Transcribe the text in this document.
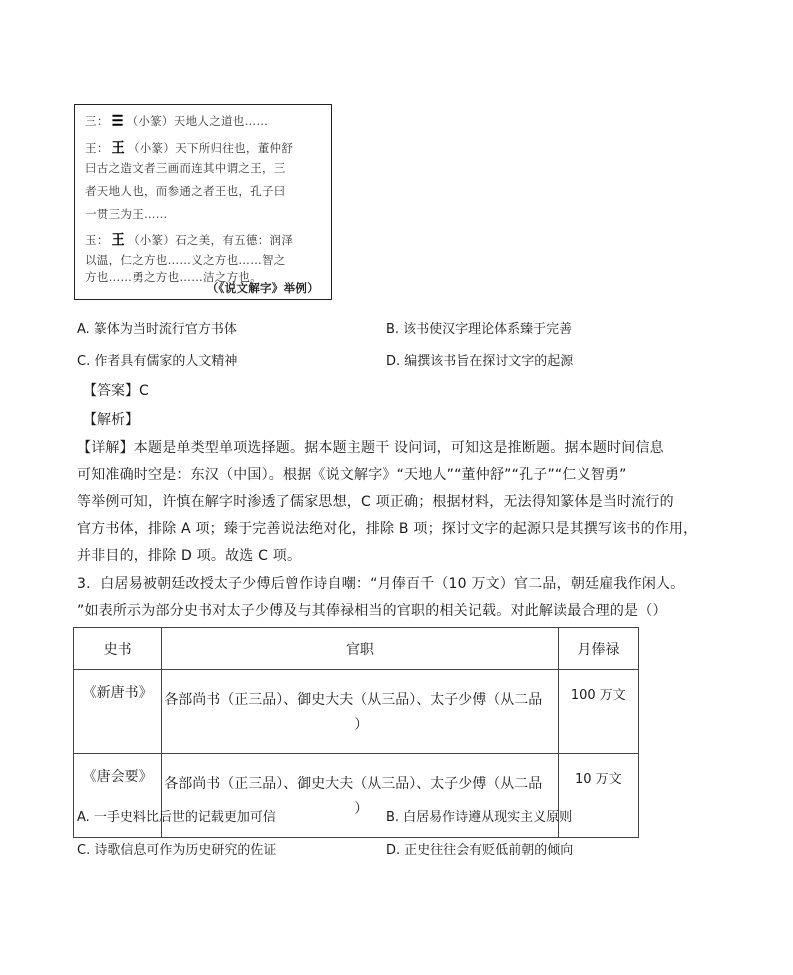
三： ☰ （小篆）天地人之道也……
王： 王 （小篆）天下所归往也，董仲舒
曰古之造文者三画而连其中谓之王，三
者天地人也，而参通之者王也，孔子曰
一贯三为王……
玉： 王 （小篆）石之美，有五德：润泽
以温，仁之方也……义之方也……智之
方也……勇之方也……洁之方也。
（《说文解字》举例）
A. 篆体为当时流行官方书体	B. 该书使汉字理论体系臻于完善
C. 作者具有儒家的人文精神	D. 编撰该书旨在探讨文字的起源
【答案】C
【解析】
【详解】本题是单类型单项选择题。据本题主题干 设问词，可知这是推断题。据本题时间信息
可知准确时空是：东汉（中国）。根据《说文解字》“天地人”“董仲舒”“孔子”“仁义智勇”
等举例可知，许慎在解字时渗透了儒家思想，C 项正确；根据材料，无法得知篆体是当时流行的
官方书体，排除 A 项；臻于完善说法绝对化，排除 B 项；探讨文字的起源只是其撰写该书的作用，
并非目的，排除 D 项。故选 C 项。
3．白居易被朝廷改授太子少傅后曾作诗自嘲：“月俸百千（10 万文）官二品，朝廷雇我作闲人。
”如表所示为部分史书对太子少傅及与其俸禄相当的官职的相关记载。对此解读最合理的是（）
史书	官职	月俸禄
《新唐书》	各部尚书（正三品）、御史大夫（从三品）、太子少傅（从二品
）	100 万文
《唐会要》	各部尚书（正三品）、御史大夫（从三品）、太子少傅（从二品
）	10 万文
A. 一手史料比后世的记载更加可信	B. 白居易作诗遵从现实主义原则
C. 诗歌信息可作为历史研究的佐证	D. 正史往往会有贬低前朝的倾向
